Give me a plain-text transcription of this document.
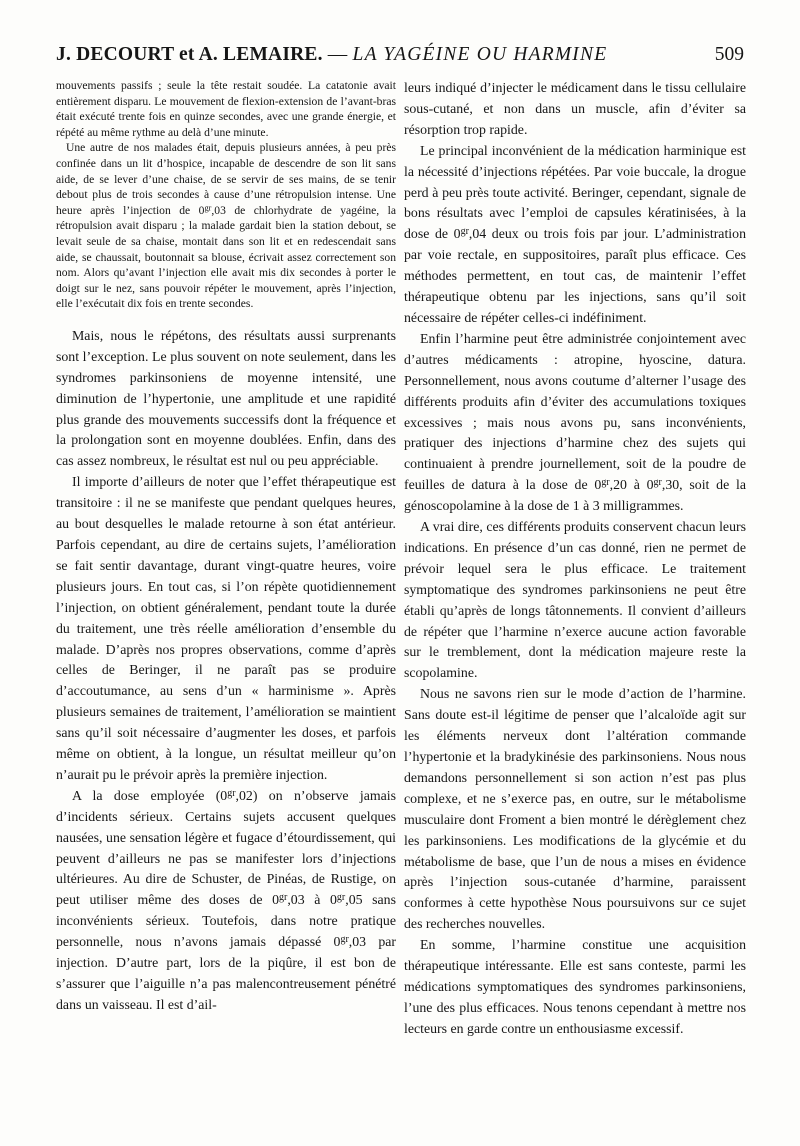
J. DECOURT et A. LEMAIRE. — LA YAGÉINE OU HARMINE	509

mouvements passifs ; seule la tête restait soudée. La catatonie avait entièrement disparu. Le mouvement de flexion-extension de l’avant-bras était exécuté trente fois en quinze secondes, avec une grande énergie, et répété au même rythme au delà d’une minute.

Une autre de nos malades était, depuis plusieurs années, à peu près confinée dans un lit d’hospice, incapable de descendre de son lit sans aide, de se lever d’une chaise, de se servir de ses mains, de se tenir debout plus de trois secondes à cause d’une rétropulsion intense. Une heure après l’injection de $0^{gr},03$ de chlorhydrate de yagéine, la rétropulsion avait disparu ; la malade gardait bien la station debout, se levait seule de sa chaise, montait dans son lit et en redescendait sans aide, se chaussait, boutonnait sa blouse, écrivait assez correctement son nom. Alors qu’avant l’injection elle avait mis dix secondes à porter le doigt sur le nez, sans pouvoir répéter le mouvement, après l’injection, elle l’exécutait dix fois en trente secondes.

Mais, nous le répétons, des résultats aussi surprenants sont l’exception. Le plus souvent on note seulement, dans les syndromes parkinsoniens de moyenne intensité, une diminution de l’hypertonie, une amplitude et une rapidité plus grande des mouvements successifs dont la fréquence et la prolongation sont en moyenne doublées. Enfin, dans des cas assez nombreux, le résultat est nul ou peu appréciable.

Il importe d’ailleurs de noter que l’effet thérapeutique est transitoire : il ne se manifeste que pendant quelques heures, au bout desquelles le malade retourne à son état antérieur. Parfois cependant, au dire de certains sujets, l’amélioration se fait sentir davantage, durant vingt-quatre heures, voire plusieurs jours. En tout cas, si l’on répète quotidiennement l’injection, on obtient généralement, pendant toute la durée du traitement, une très réelle amélioration d’ensemble du malade. D’après nos propres observations, comme d’après celles de Beringer, il ne paraît pas se produire d’accoutumance, au sens d’un « harminisme ». Après plusieurs semaines de traitement, l’amélioration se maintient sans qu’il soit nécessaire d’augmenter les doses, et parfois même on obtient, à la longue, un résultat meilleur qu’on n’aurait pu le prévoir après la première injection.

A la dose employée $(0^{gr},02)$ on n’observe jamais d’incidents sérieux. Certains sujets accusent quelques nausées, une sensation légère et fugace d’étourdissement, qui peuvent d’ailleurs ne pas se manifester lors d’injections ultérieures. Au dire de Schuster, de Pinéas, de Rustige, on peut utiliser même des doses de $0^{gr},03$ à $0^{gr},05$ sans inconvénients sérieux. Toutefois, dans notre pratique personnelle, nous n’avons jamais dépassé $0^{gr},03$ par injection. D’autre part, lors de la piqûre, il est bon de s’assurer que l’aiguille n’a pas malencontreusement pénétré dans un vaisseau. Il est d’ail-

leurs indiqué d’injecter le médicament dans le tissu cellulaire sous-cutané, et non dans un muscle, afin d’éviter sa résorption trop rapide.

Le principal inconvénient de la médication harminique est la nécessité d’injections répétées. Par voie buccale, la drogue perd à peu près toute activité. Beringer, cependant, signale de bons résultats avec l’emploi de capsules kératinisées, à la dose de $0^{gr},04$ deux ou trois fois par jour. L’administration par voie rectale, en suppositoires, paraît plus efficace. Ces méthodes permettent, en tout cas, de maintenir l’effet thérapeutique obtenu par les injections, sans qu’il soit nécessaire de répéter celles-ci indéfiniment.

Enfin l’harmine peut être administrée conjointement avec d’autres médicaments : atropine, hyoscine, datura. Personnellement, nous avons coutume d’alterner l’usage des différents produits afin d’éviter des accumulations toxiques excessives ; mais nous avons pu, sans inconvénients, pratiquer des injections d’harmine chez des sujets qui continuaient à prendre journellement, soit de la poudre de feuilles de datura à la dose de $0^{gr},20$ à $0^{gr},30$, soit de la génoscopolamine à la dose de 1 à 3 milligrammes.

A vrai dire, ces différents produits conservent chacun leurs indications. En présence d’un cas donné, rien ne permet de prévoir lequel sera le plus efficace. Le traitement symptomatique des syndromes parkinsoniens ne peut être établi qu’après de longs tâtonnements. Il convient d’ailleurs de répéter que l’harmine n’exerce aucune action favorable sur le tremblement, dont la médication majeure reste la scopolamine.

Nous ne savons rien sur le mode d’action de l’harmine. Sans doute est-il légitime de penser que l’alcaloïde agit sur les éléments nerveux dont l’altération commande l’hypertonie et la bradykinésie des parkinsoniens. Nous nous demandons personnellement si son action n’est pas plus complexe, et ne s’exerce pas, en outre, sur le métabolisme musculaire dont Froment a bien montré le dérèglement chez les parkinsoniens. Les modifications de la glycémie et du métabolisme de base, que l’un de nous a mises en évidence après l’injection sous-cutanée d’harmine, paraissent conformes à cette hypothèse Nous poursuivons sur ce sujet des recherches nouvelles.

En somme, l’harmine constitue une acquisition thérapeutique intéressante. Elle est sans conteste, parmi les médications symptomatiques des syndromes parkinsoniens, l’une des plus efficaces. Nous tenons cependant à mettre nos lecteurs en garde contre un enthousiasme excessif.
